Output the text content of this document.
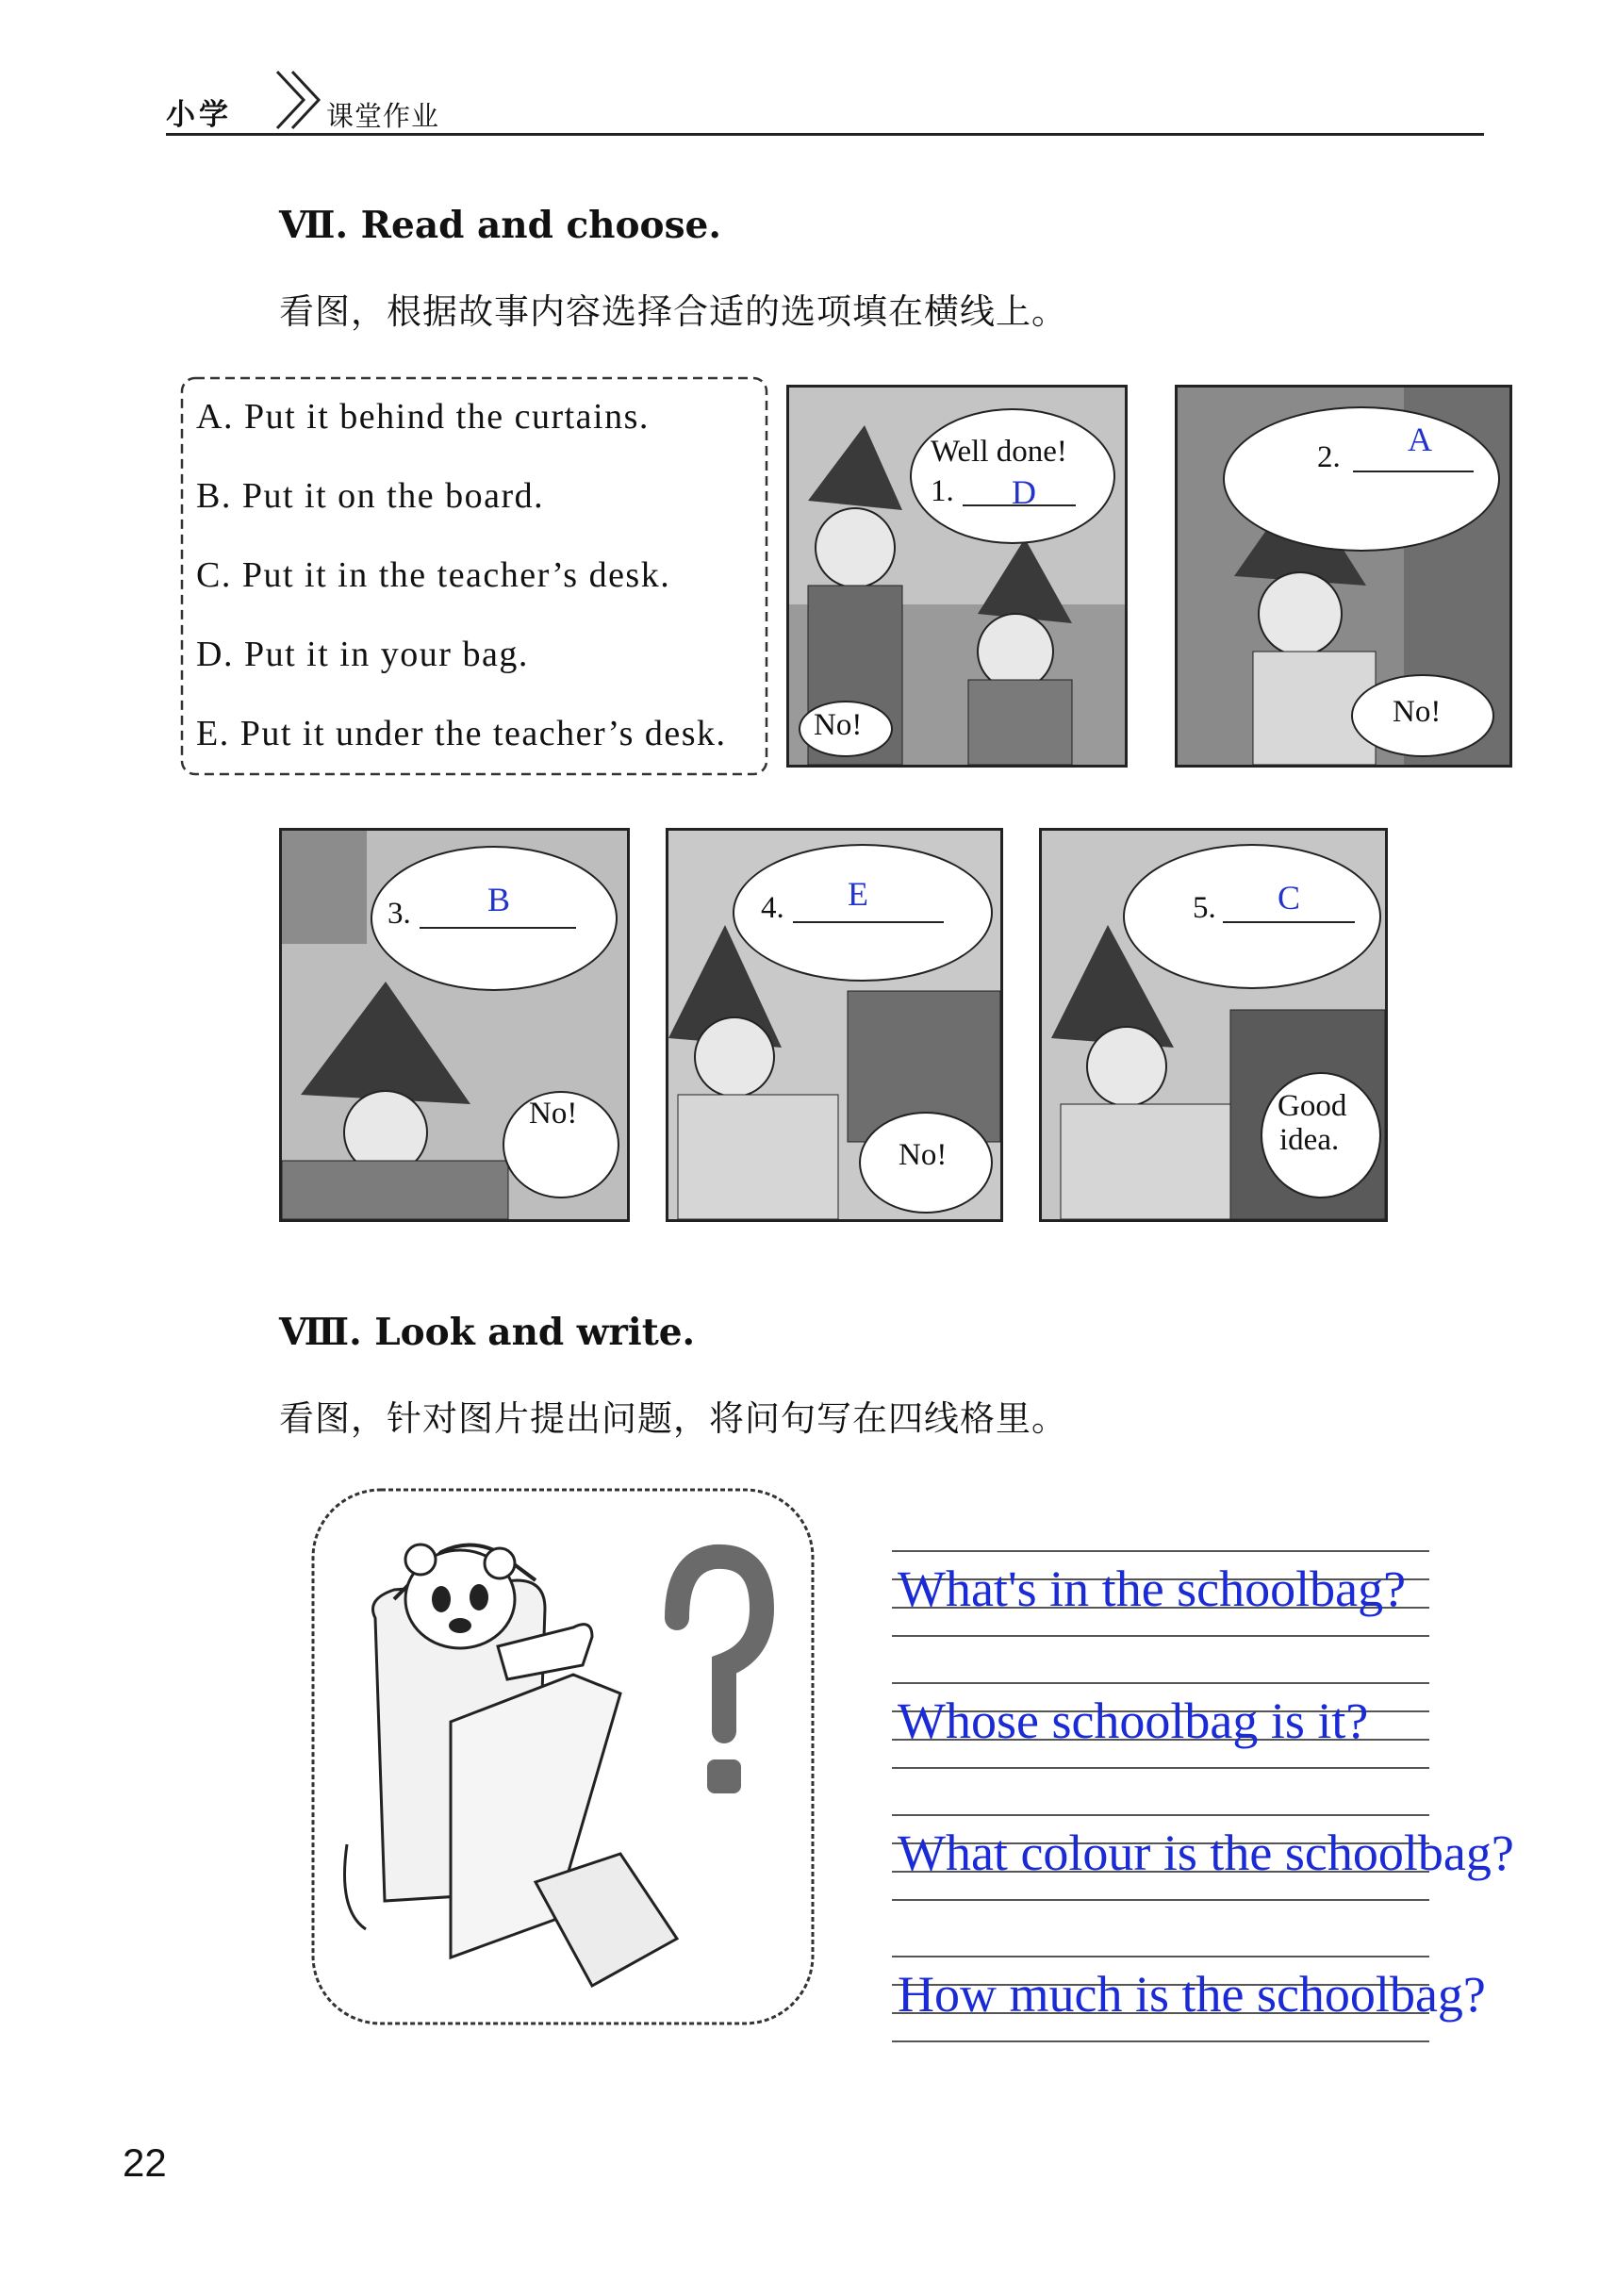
小学	课堂作业
Ⅶ. Read and choose.
看图，根据故事内容选择合适的选项填在横线上。
A. Put it behind the curtains.
B. Put it on the board.
C. Put it in the teacher’s desk.
D. Put it in your bag.
E. Put it under the teacher’s desk.
Well done!
1. D
No!
2. A
No!
3. B
No!
4. E
No!
5. C
Good
idea.
Ⅷ. Look and write.
看图，针对图片提出问题，将问句写在四线格里。
What's in the schoolbag?
Whose schoolbag is it?
What colour is the schoolbag?
How much is the schoolbag?
22
